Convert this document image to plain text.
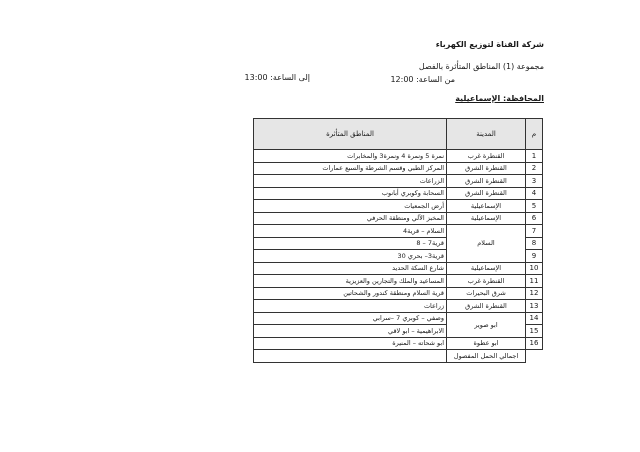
شركة القناة لتوزيع الكهرباء
مجموعة (1) المناطق المتأثرة بالفصل
من الساعة: 12:00
إلى الساعة: 13:00
المحافظة: الإسماعيلية
م	المدينة	المناطق المتأثرة
1	القنطرة غرب	نمرة 5 ونمرة 4 ونمرة3 والمخابرات
2	القنطرة الشرق	المركز الطبي وقسم الشرطة والسبع عمارات
3	القنطرة الشرق	الزراعات
4	القنطرة الشرق	السحابة وكوبري أبانوب
5	الإسماعيلية	أرض الجمعيات
6	الإسماعيلية	المخبز الآلي ومنطقة الحرفي
7	السلام	السلام – قرية4
8		قرية7 – 8
9		قرية3– بحري 30
10	الإسماعيلية	شارع السكة الحديد
11	القنطرة غرب	المساعيد والملك والتجارين والعزيزية
12	شرق البحيرات	قرية السلام ومنطقة كندور والشحاتين
13	القنطرة الشرق	زراعات
14	ابو صوير	وصفي – كوبري 7 –سرابي
15		الابراهيمية – ابو لاقي
16	ابو عطوة	ابو شحاته – المنيرة
	اجمالي الحمل المفصول	
